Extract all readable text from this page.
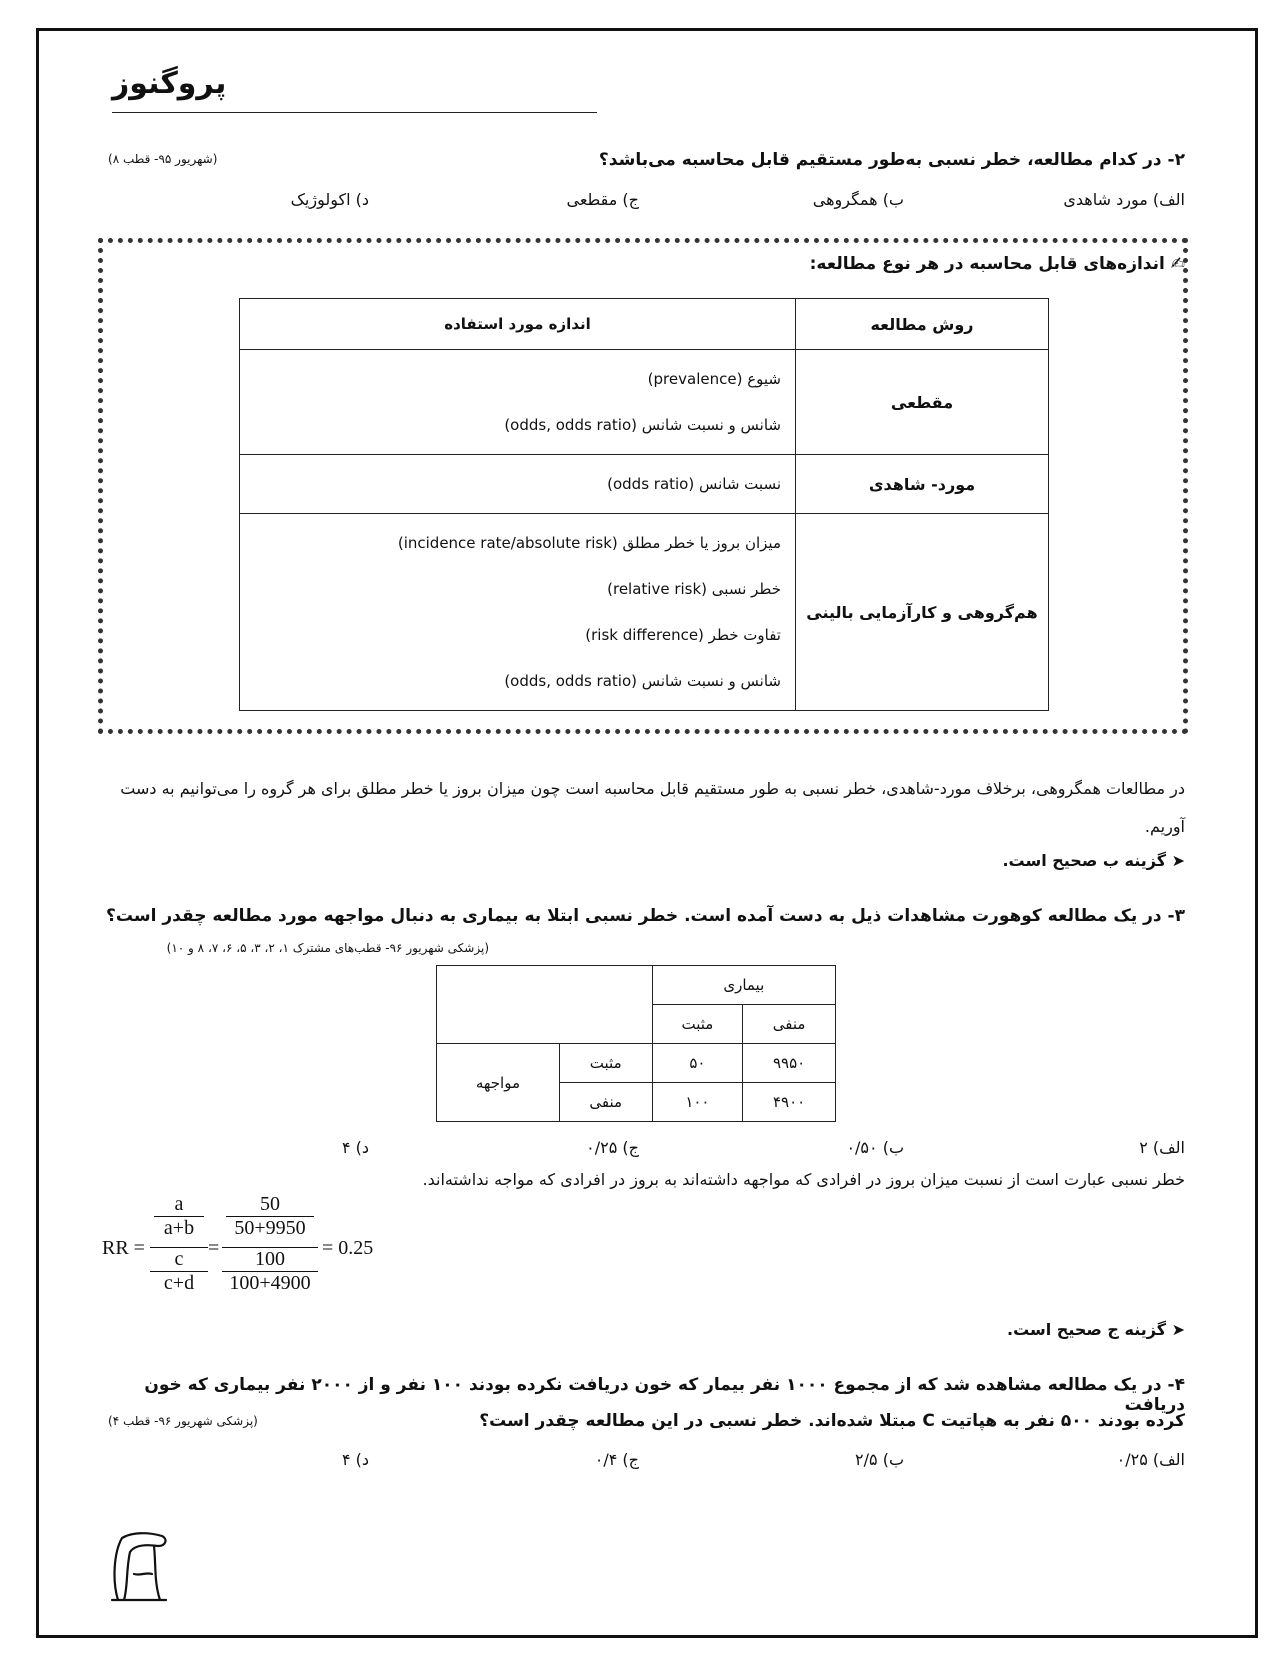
پروگنوز
۲- در کدام مطالعه، خطر نسبی به‌طور مستقیم قابل محاسبه می‌باشد؟
(شهریور ۹۵- قطب ۸)
الف) مورد شاهدی
ب) همگروهی
ج) مقطعی
د) اکولوژیک
✍ اندازه‌های قابل محاسبه در هر نوع مطالعه:
اندازه مورد استفاده	روش مطالعه

شیوع (prevalence)
شانس و نسبت شانس (odds, odds ratio)	مقطعی

نسبت شانس (odds ratio)	مورد- شاهدی

میزان بروز یا خطر مطلق (incidence rate/absolute risk)
خطر نسبی (relative risk)
تفاوت خطر (risk difference)
شانس و نسبت شانس (odds, odds ratio)	هم‌گروهی و کارآزمایی بالینی
در مطالعات همگروهی، برخلاف مورد-شاهدی، خطر نسبی به طور مستقیم قابل محاسبه است چون میزان بروز یا خطر مطلق برای هر گروه را می‌توانیم به دست آوریم.
➤ گزینه ب صحیح است.
۳- در یک مطالعه کوهورت مشاهدات ذیل به دست آمده است. خطر نسبی ابتلا به بیماری به دنبال مواجهه مورد مطالعه چقدر است؟
(پزشکی شهریور ۹۶- قطب‌های مشترک ۱، ۲، ۳، ۵، ۶، ۷، ۸ و ۱۰)
بیماری			
منفی	مثبت		
۹۹۵۰	۵۰	مثبت	مواجهه
۴۹۰۰	۱۰۰	منفی	
الف) ۲
ب) ۰/۵۰
ج) ۰/۲۵
د) ۴
خطر نسبی عبارت است از نسبت میزان بروز در افرادی که مواجهه داشته‌اند به بروز در افرادی که مواجه نداشته‌اند.
RR =
a
a+b
c
c+d
=
50
50+9950
100
100+4900
= 0.25
➤ گزینه ج صحیح است.
۴- در یک مطالعه مشاهده شد که از مجموع ۱۰۰۰ نفر بیمار که خون دریافت نکرده بودند ۱۰۰ نفر و از ۲۰۰۰ نفر بیماری که خون دریافت
کرده بودند ۵۰۰ نفر به هپاتیت C مبتلا شده‌اند. خطر نسبی در این مطالعه چقدر است؟
(پزشکی شهریور ۹۶- قطب ۴)
الف) ۰/۲۵
ب) ۲/۵
ج) ۰/۴
د) ۴
